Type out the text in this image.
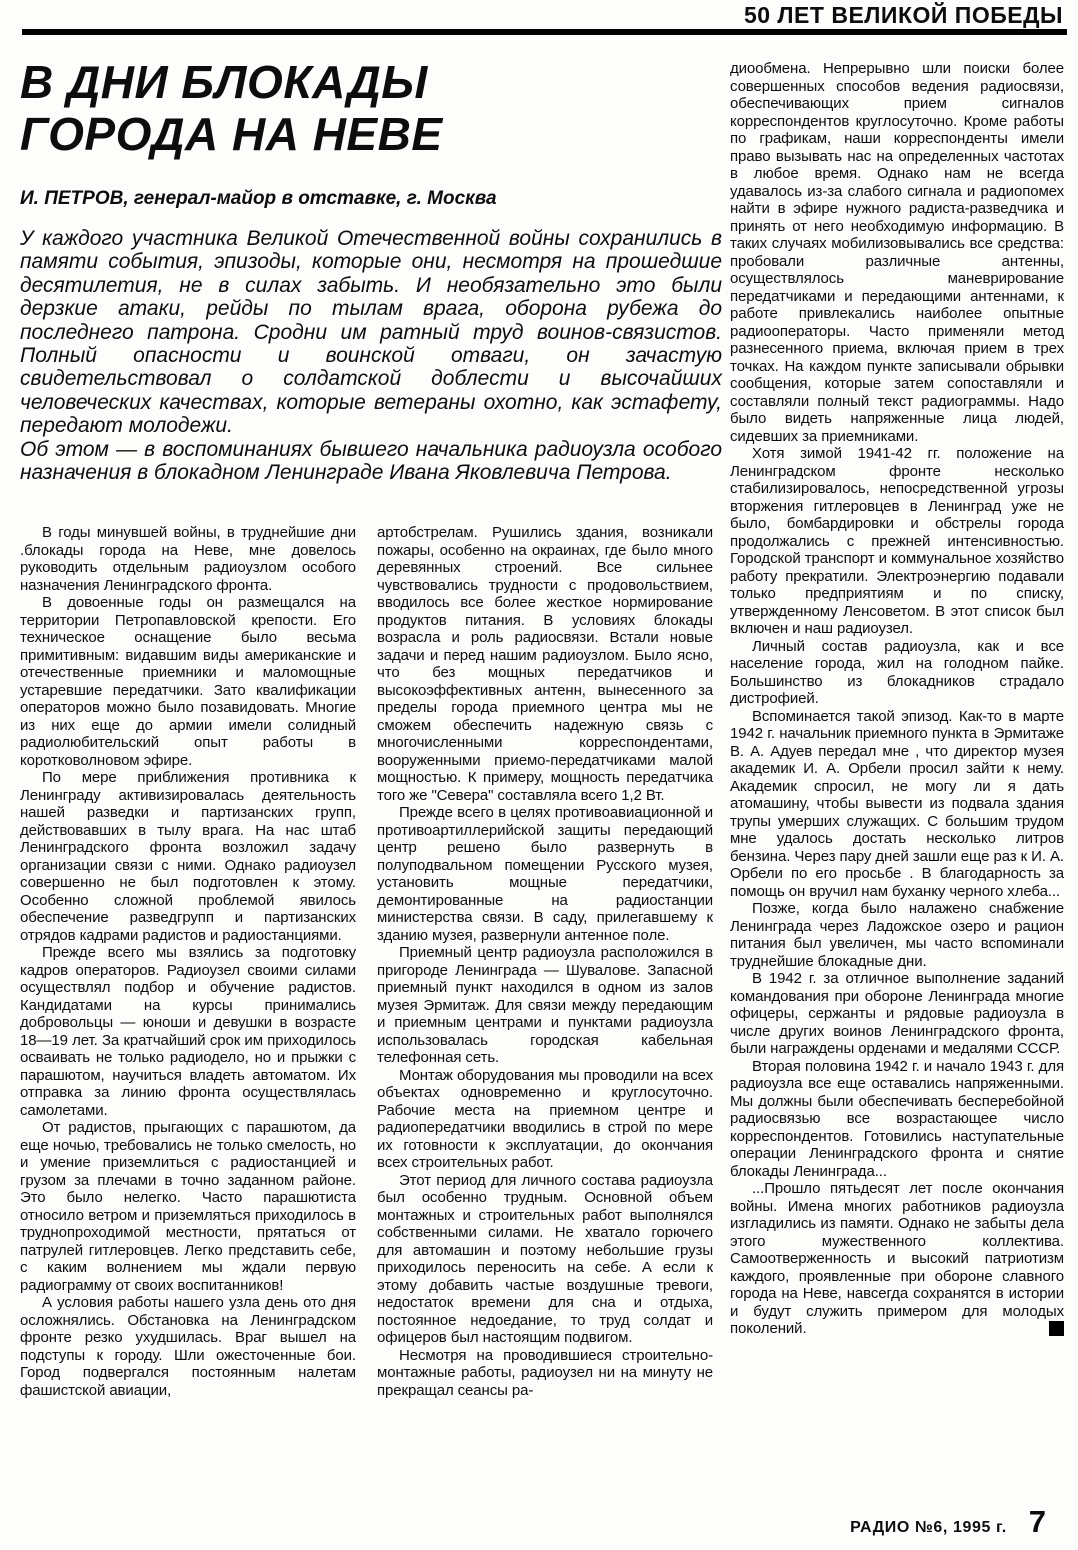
50 ЛЕТ ВЕЛИКОЙ ПОБЕДЫ
В ДНИ БЛОКАДЫ
ГОРОДА НА НЕВЕ
И. ПЕТРОВ, генерал-майор в отставке, г. Москва

У каждого участника Великой Отечественной войны сохранились в памяти события, эпизоды, которые они, несмотря на прошедшие десятилетия, не в силах забыть. И необязательно это были дерзкие атаки, рейды по тылам врага, оборона рубежа до последнего патрона. Сродни им ратный труд воинов-связистов. Полный опасности и воинской отваги, он зачастую свидетельствовал о солдатской доблести и высочайших человеческих качествах, которые ветераны охотно, как эстафету, передают молодежи.

Об этом — в воспоминаниях бывшего начальника радиоузла особого назначения в блокадном Ленинграде Ивана Яковлевича Петрова.

В годы минувшей войны, в труднейшие дни .блокады города на Неве, мне довелось руководить отдельным радиоузлом особого назначения Ленинградского фронта.

В довоенные годы он размещался на территории Петропавловской крепости. Его техническое оснащение было весьма примитивным: видавшим виды американские и отечественные приемники и маломощные устаревшие передатчики. Зато квалификации операторов можно было позавидовать. Многие из них еще до армии имели солидный радиолюбительский опыт работы в коротковолновом эфире.

По мере приближения противника к Ленинграду активизировалась деятельность нашей разведки и партизанских групп, действовавших в тылу врага. На нас штаб Ленинградского фронта возложил задачу организации связи с ними. Однако радиоузел совершенно не был подготовлен к этому. Особенно сложной проблемой явилось обеспечение разведгрупп и партизанских отрядов кадрами радистов и радиостанциями.

Прежде всего мы взялись за подготовку кадров операторов. Радиоузел своими силами осуществлял подбор и обучение радистов. Кандидатами на курсы принимались добровольцы — юноши и девушки в возрасте 18—19 лет. За кратчайший срок им приходилось осваивать не только радиодело, но и прыжки с парашютом, научиться владеть автоматом. Их отправка за линию фронта осуществлялась самолетами.

От радистов, прыгающих с парашютом, да еще ночью, требовались не только смелость, но и умение приземлиться с радиостанцией и грузом за плечами в точно заданном районе. Это было нелегко. Часто парашютиста относило ветром и приземляться приходилось в труднопроходимой местности, прятаться от патрулей гитлеровцев. Легко представить себе, с каким волнением мы ждали первую радиограмму от своих воспитанников!

А условия работы нашего узла день ото дня осложнялись. Обстановка на Ленинградском фронте резко ухудшилась. Враг вышел на подступы к городу. Шли ожесточенные бои. Город подвергался постоянным налетам фашистской авиации,

артобстрелам. Рушились здания, возникали пожары, особенно на окраинах, где было много деревянных строений. Все сильнее чувствовались трудности с продовольствием, вводилось все более жесткое нормирование продуктов питания. В условиях блокады возрасла и роль радиосвязи. Встали новые задачи и перед нашим радиоузлом. Было ясно, что без мощных передатчиков и высокоэффективных антенн, вынесенного за пределы города приемного центра мы не сможем обеспечить надежную связь с многочисленными корреспондентами, вооруженными приемо-передатчиками малой мощностью. К примеру, мощность передатчика того же "Севера" составляла всего 1,2 Вт.

Прежде всего в целях противоавиационной и противоартиллерийской защиты передающий центр решено было развернуть в полуподвальном помещении Русского музея, установить мощные передатчики, демонтированные на радиостанции министерства связи. В саду, прилегавшему к зданию музея, развернули антенное поле.

Приемный центр радиоузла расположился в пригороде Ленинграда — Шувалове. Запасной приемный пункт находился в одном из залов музея Эрмитаж. Для связи между передающим и приемным центрами и пунктами радиоузла использовалась городская кабельная телефонная сеть.

Монтаж оборудования мы проводили на всех объектах одновременно и круглосуточно. Рабочие места на приемном центре и радиопередатчики вводились в строй по мере их готовности к эксплуатации, до окончания всех строительных работ.

Этот период для личного состава радиоузла был особенно трудным. Основной объем монтажных и строительных работ выполнялся собственными силами. Не хватало горючего для автомашин и поэтому небольшие грузы приходилось переносить на себе. А если к этому добавить частые воздушные тревоги, недостаток времени для сна и отдыха, постоянное недоедание, то труд солдат и офицеров был настоящим подвигом.

Несмотря на проводившиеся строительно-монтажные работы, радиоузел ни на минуту не прекращал сеансы ра-

диообмена. Непрерывно шли поиски более совершенных способов ведения радиосвязи, обеспечивающих прием сигналов корреспондентов круглосуточно. Кроме работы по графикам, наши корреспонденты имели право вызывать нас на определенных частотах в любое время. Однако нам не всегда удавалось из-за слабого сигнала и радиопомех найти в эфире нужного радиста-разведчика и принять от него необходимую информацию. В таких случаях мобилизовывались все средства: пробовали различные антенны, осуществлялось маневрирование передатчиками и передающими антеннами, к работе привлекались наиболее опытные радиооператоры. Часто применяли метод разнесенного приема, включая прием в трех точках. На каждом пункте записывали обрывки сообщения, которые затем сопоставляли и составляли полный текст радиограммы. Надо было видеть напряженные лица людей, сидевших за приемниками.

Хотя зимой 1941-42 гг. положение на Ленинградском фронте несколько стабилизировалось, непосредственной угрозы вторжения гитлеровцев в Ленинград уже не было, бомбардировки и обстрелы города продолжались с прежней интенсивностью. Городской транспорт и коммунальное хозяйство работу прекратили. Электроэнергию подавали только предприятиям и по списку, утвержденному Ленсоветом. В этот список был включен и наш радиоузел.

Личный состав радиоузла, как и все население города, жил на голодном пайке. Большинство из блокадников страдало дистрофией.

Вспоминается такой эпизод. Как-то в марте 1942 г. начальник приемного пункта в Эрмитаже В. А. Адуев передал мне , что директор музея академик И. А. Орбели просил зайти к нему. Академик спросил, не могу ли я дать атомашину, чтобы вывести из подвала здания трупы умерших служащих. С большим трудом мне удалось достать несколько литров бензина. Через пару дней зашли еще раз к И. А. Орбели по его просьбе . В благодарность за помощь он вручил нам буханку черного хлеба...

Позже, когда было налажено снабжение Ленинграда через Ладожское озеро и рацион питания был увеличен, мы часто вспоминали труднейшие блокадные дни.

В 1942 г. за отличное выполнение заданий командования при обороне Ленинграда многие офицеры, сержанты и рядовые радиоузла в числе других воинов Ленинградского фронта, были награждены орденами и медалями СССР.

Вторая половина 1942 г. и начало 1943 г. для радиоузла все еще оставались напряженными. Мы должны были обеспечивать бесперебойной радиосвязью все возрастающее число корреспондентов. Готовились наступательные операции Ленинградского фронта и снятие блокады Ленинграда...

...Прошло пятьдесят лет после окончания войны. Имена многих работников радиоузла изгладились из памяти. Однако не забыты дела этого мужественного коллектива. Самоотверженность и высокий патриотизм каждого, проявленные при обороне славного города на Неве, навсегда сохранятся в истории и будут служить примером для молодых поколений.

РАДИО №6, 1995 г. 7
